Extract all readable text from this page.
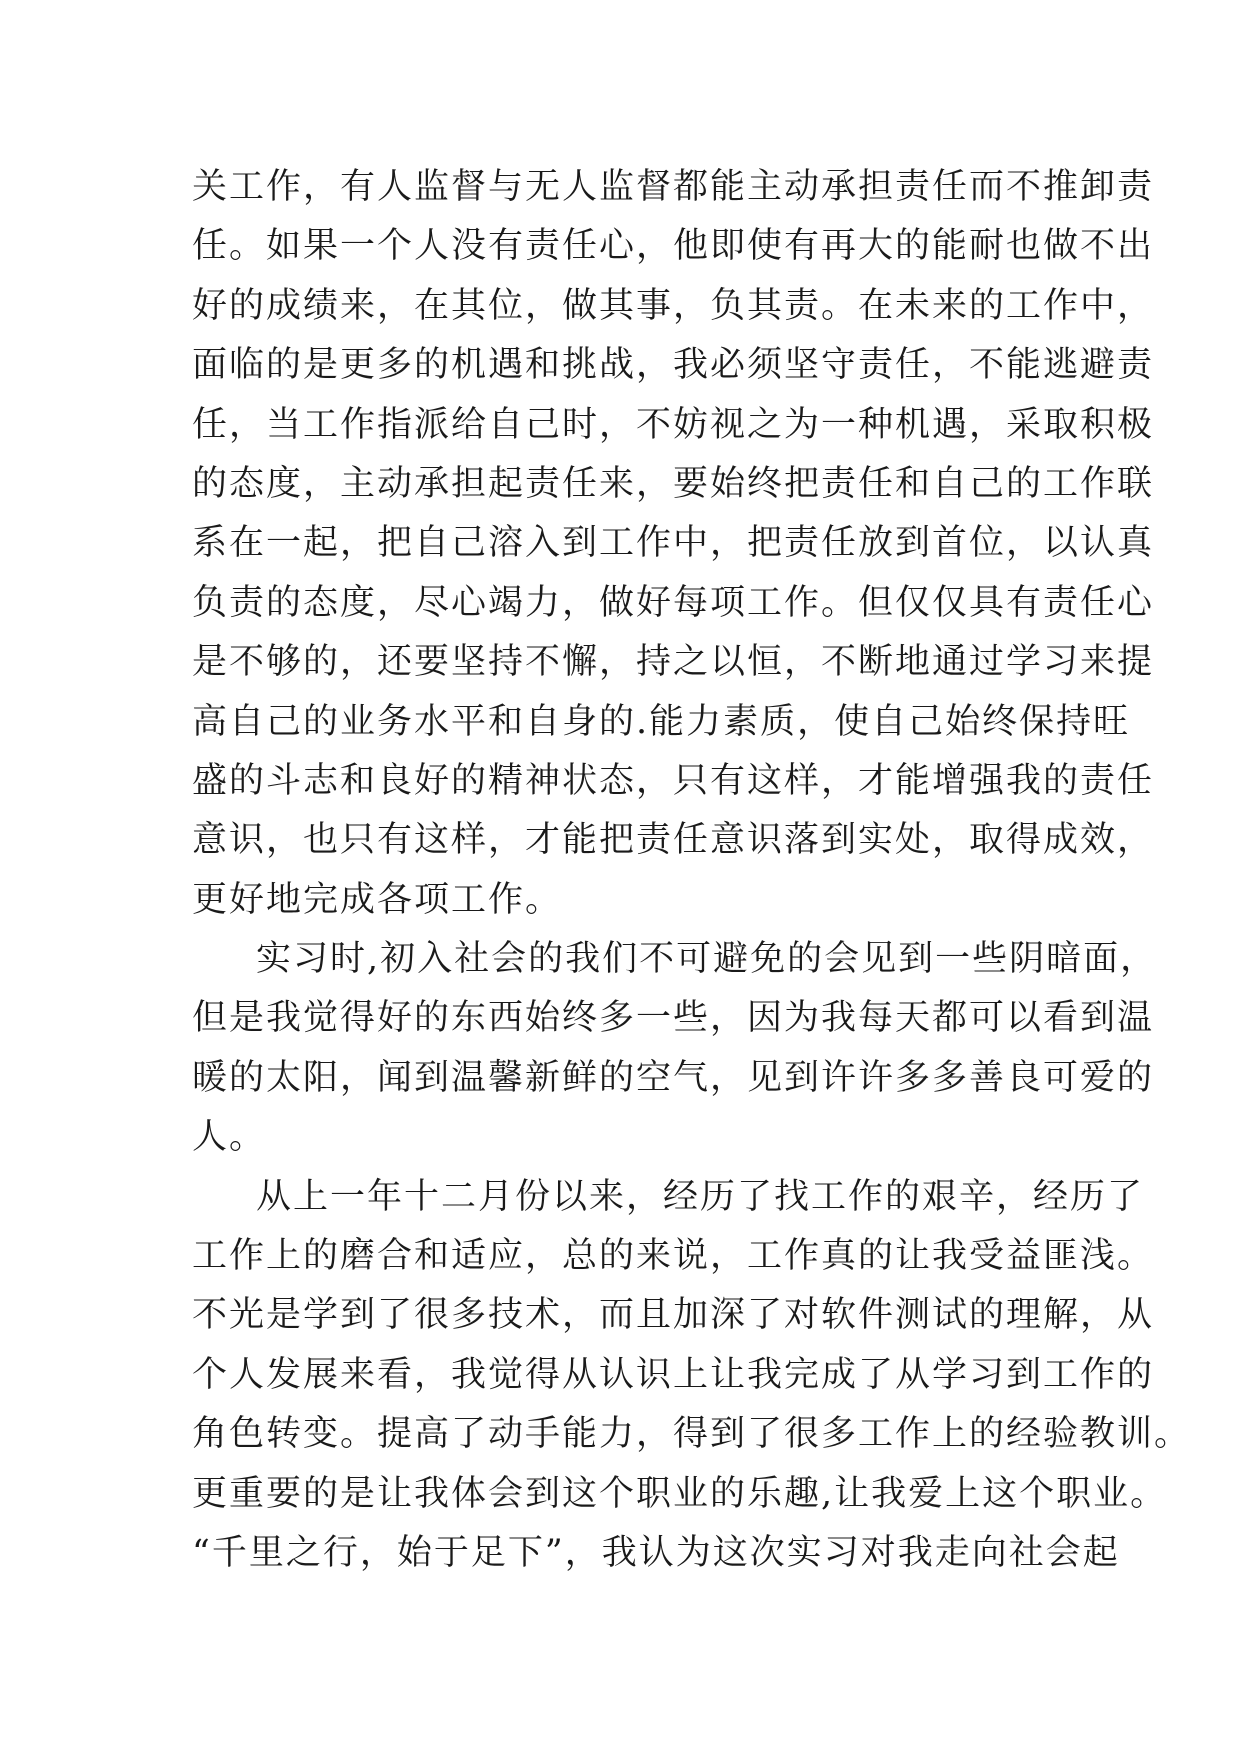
关工作，有人监督与无人监督都能主动承担责任而不推卸责
任。如果一个人没有责任心，他即使有再大的能耐也做不出
好的成绩来，在其位，做其事，负其责。在未来的工作中，
面临的是更多的机遇和挑战，我必须坚守责任，不能逃避责
任，当工作指派给自己时，不妨视之为一种机遇，采取积极
的态度，主动承担起责任来，要始终把责任和自己的工作联
系在一起，把自己溶入到工作中，把责任放到首位，以认真
负责的态度，尽心竭力，做好每项工作。但仅仅具有责任心
是不够的，还要坚持不懈，持之以恒，不断地通过学习来提
高自己的业务水平和自身的.能力素质，使自己始终保持旺
盛的斗志和良好的精神状态，只有这样，才能增强我的责任
意识，也只有这样，才能把责任意识落到实处，取得成效，
更好地完成各项工作。
实习时,初入社会的我们不可避免的会见到一些阴暗面，
但是我觉得好的东西始终多一些，因为我每天都可以看到温
暖的太阳，闻到温馨新鲜的空气，见到许许多多善良可爱的
人。
从上一年十二月份以来，经历了找工作的艰辛，经历了
工作上的磨合和适应，总的来说，工作真的让我受益匪浅。
不光是学到了很多技术，而且加深了对软件测试的理解，从
个人发展来看，我觉得从认识上让我完成了从学习到工作的
角色转变。提高了动手能力，得到了很多工作上的经验教训。
更重要的是让我体会到这个职业的乐趣,让我爱上这个职业。
“千里之行，始于足下”，我认为这次实习对我走向社会起
